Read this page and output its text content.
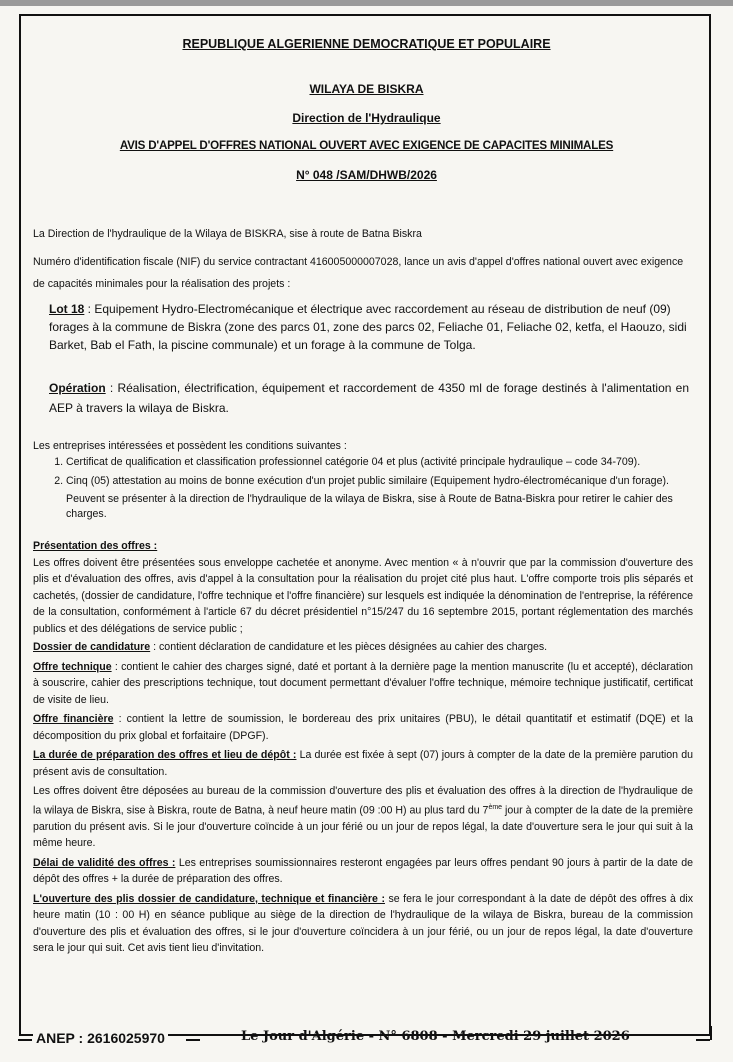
REPUBLIQUE ALGERIENNE DEMOCRATIQUE ET POPULAIRE
WILAYA DE BISKRA
Direction de l'Hydraulique
AVIS D'APPEL D'OFFRES NATIONAL OUVERT AVEC EXIGENCE DE CAPACITES MINIMALES
N° 048 /SAM/DHWB/2026

La Direction de l'hydraulique de la Wilaya de BISKRA, sise à route de Batna Biskra

Numéro d'identification fiscale (NIF) du service contractant 416005000007028, lance un avis d'appel d'offres national ouvert avec exigence de capacités minimales pour la réalisation des projets :

Lot 18 : Equipement Hydro-Electromécanique et électrique avec raccordement au réseau de distribution de neuf (09) forages à la commune de Biskra (zone des parcs 01, zone des parcs 02, Feliache 01, Feliache 02, ketfa, el Haouzo, sidi Barket, Bab el Fath, la piscine communale) et un forage à la commune de Tolga.
Opération : Réalisation, électrification, équipement et raccordement de 4350 ml de forage destinés à l'alimentation en AEP à travers la wilaya de Biskra.

Les entreprises intéressées et possèdent les conditions suivantes :

1. Certificat de qualification et classification professionnel catégorie 04 et plus (activité principale hydraulique – code 34-709).
2. Cinq (05) attestation au moins de bonne exécution d'un projet public similaire (Equipement hydro-électromécanique d'un forage).

Peuvent se présenter à la direction de l'hydraulique de la wilaya de Biskra, sise à Route de Batna-Biskra pour retirer le cahier des charges.

Présentation des offres :

Les offres doivent être présentées sous enveloppe cachetée et anonyme. Avec mention « à n'ouvrir que par la commission d'ouverture des plis et d'évaluation des offres, avis d'appel à la consultation pour la réalisation du projet cité plus haut. L'offre comporte trois plis séparés et cachetés, (dossier de candidature, l'offre technique et l'offre financière) sur lesquels est indiquée la dénomination de l'entreprise, la référence de la consultation, conformément à l'article 67 du décret présidentiel n°15/247 du 16 septembre 2015, portant réglementation des marchés publics et des délégations de service public ;

Dossier de candidature : contient déclaration de candidature et les pièces désignées au cahier des charges.

Offre technique : contient le cahier des charges signé, daté et portant à la dernière page la mention manuscrite (lu et accepté), déclaration à souscrire, cahier des prescriptions technique, tout document permettant d'évaluer l'offre technique, mémoire technique justificatif, certificat de visite de lieu.

Offre financière : contient la lettre de soumission, le bordereau des prix unitaires (PBU), le détail quantitatif et estimatif (DQE) et la décomposition du prix global et forfaitaire (DPGF).

La durée de préparation des offres et lieu de dépôt : La durée est fixée à sept (07) jours à compter de la date de la première parution du présent avis de consultation.

Les offres doivent être déposées au bureau de la commission d'ouverture des plis et évaluation des offres à la direction de l'hydraulique de la wilaya de Biskra, sise à Biskra, route de Batna, à neuf heure matin (09 :00 H) au plus tard du 7ème jour à compter de la date de la première parution du présent avis. Si le jour d'ouverture coïncide à un jour férié ou un jour de repos légal, la date d'ouverture sera le jour qui suit à la même heure.

Délai de validité des offres : Les entreprises soumissionnaires resteront engagées par leurs offres pendant 90 jours à partir de la date de dépôt des offres + la durée de préparation des offres.

L'ouverture des plis dossier de candidature, technique et financière : se fera le jour correspondant à la date de dépôt des offres à dix heure matin (10 : 00 H) en séance publique au siège de la direction de l'hydraulique de la wilaya de Biskra, bureau de la commission d'ouverture des plis et évaluation des offres, si le jour d'ouverture coïncidera à un jour férié, ou un jour de repos légal, la date d'ouverture sera le jour qui suit. Cet avis tient lieu d'invitation.

ANEP : 2616025970	Le Jour d'Algérie - N° 6808 - Mercredi 29 juillet 2026
